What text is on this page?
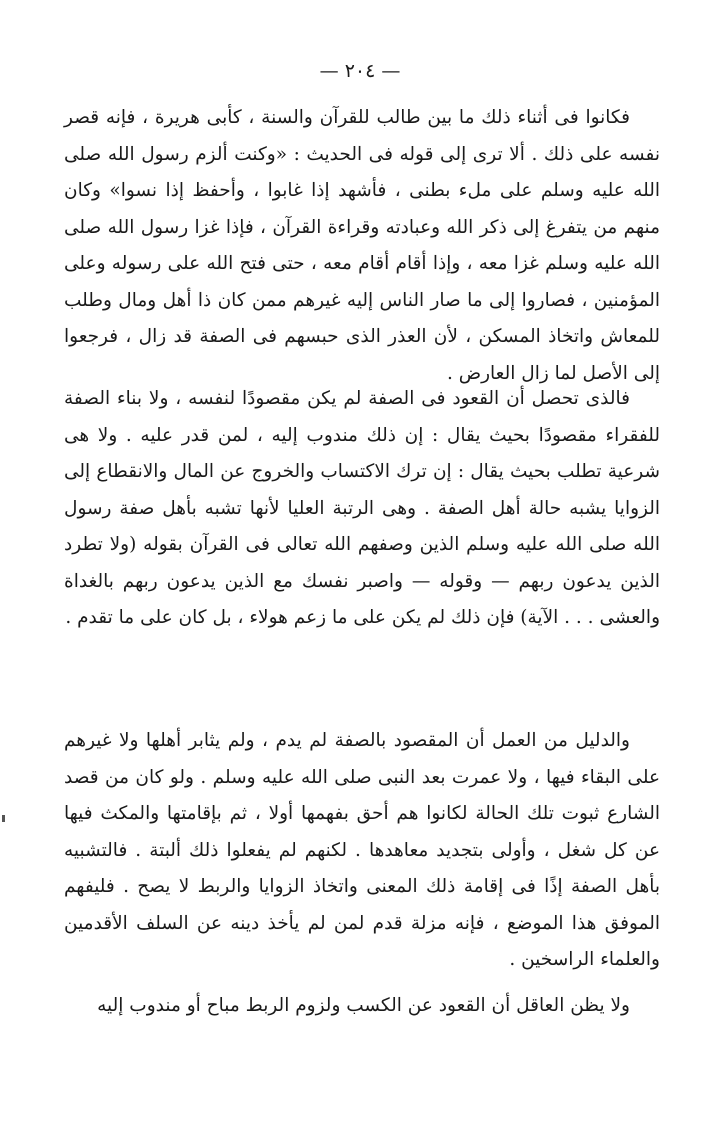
— ٢٠٤ —

فكانوا فى أثناء ذلك ما بين طالب للقرآن والسنة ، كأبى هريرة ، فإنه قصر نفسه على ذلك . ألا ترى إلى قوله فى الحديث : «وكنت ألزم رسول الله صلى الله عليه وسلم على ملء بطنى ، فأشهد إذا غابوا ، وأحفظ إذا نسوا» وكان منهم من يتفرغ إلى ذكر الله وعبادته وقراءة القرآن ، فإذا غزا رسول الله صلى الله عليه وسلم غزا معه ، وإذا أقام أقام معه ، حتى فتح الله على رسوله وعلى المؤمنين ، فصاروا إلى ما صار الناس إليه غيرهم ممن كان ذا أهل ومال وطلب للمعاش واتخاذ المسكن ، لأن العذر الذى حبسهم فى الصفة قد زال ، فرجعوا إلى الأصل لما زال العارض .

فالذى تحصل أن القعود فى الصفة لم يكن مقصودًا لنفسه ، ولا بناء الصفة للفقراء مقصودًا بحيث يقال : إن ذلك مندوب إليه ، لمن قدر عليه . ولا هى شرعية تطلب بحيث يقال : إن ترك الاكتساب والخروج عن المال والانقطاع إلى الزوايا يشبه حالة أهل الصفة . وهى الرتبة العليا لأنها تشبه بأهل صفة رسول الله صلى الله عليه وسلم الذين وصفهم الله تعالى فى القرآن بقوله (ولا تطرد الذين يدعون ربهم — وقوله — واصبر نفسك مع الذين يدعون ربهم بالغداة والعشى . . . الآية) فإن ذلك لم يكن على ما زعم هولاء ، بل كان على ما تقدم .

والدليل من العمل أن المقصود بالصفة لم يدم ، ولم يثابر أهلها ولا غيرهم على البقاء فيها ، ولا عمرت بعد النبى صلى الله عليه وسلم . ولو كان من قصد الشارع ثبوت تلك الحالة لكانوا هم أحق بفهمها أولا ، ثم بإقامتها والمكث فيها عن كل شغل ، وأولى بتجديد معاهدها . لكنهم لم يفعلوا ذلك ألبتة . فالتشبيه بأهل الصفة إذًا فى إقامة ذلك المعنى واتخاذ الزوايا والربط لا يصح . فليفهم الموفق هذا الموضع ، فإنه مزلة قدم لمن لم يأخذ دينه عن السلف الأقدمين والعلماء الراسخين .

ولا يظن العاقل أن القعود عن الكسب ولزوم الربط مباح أو مندوب إليه
